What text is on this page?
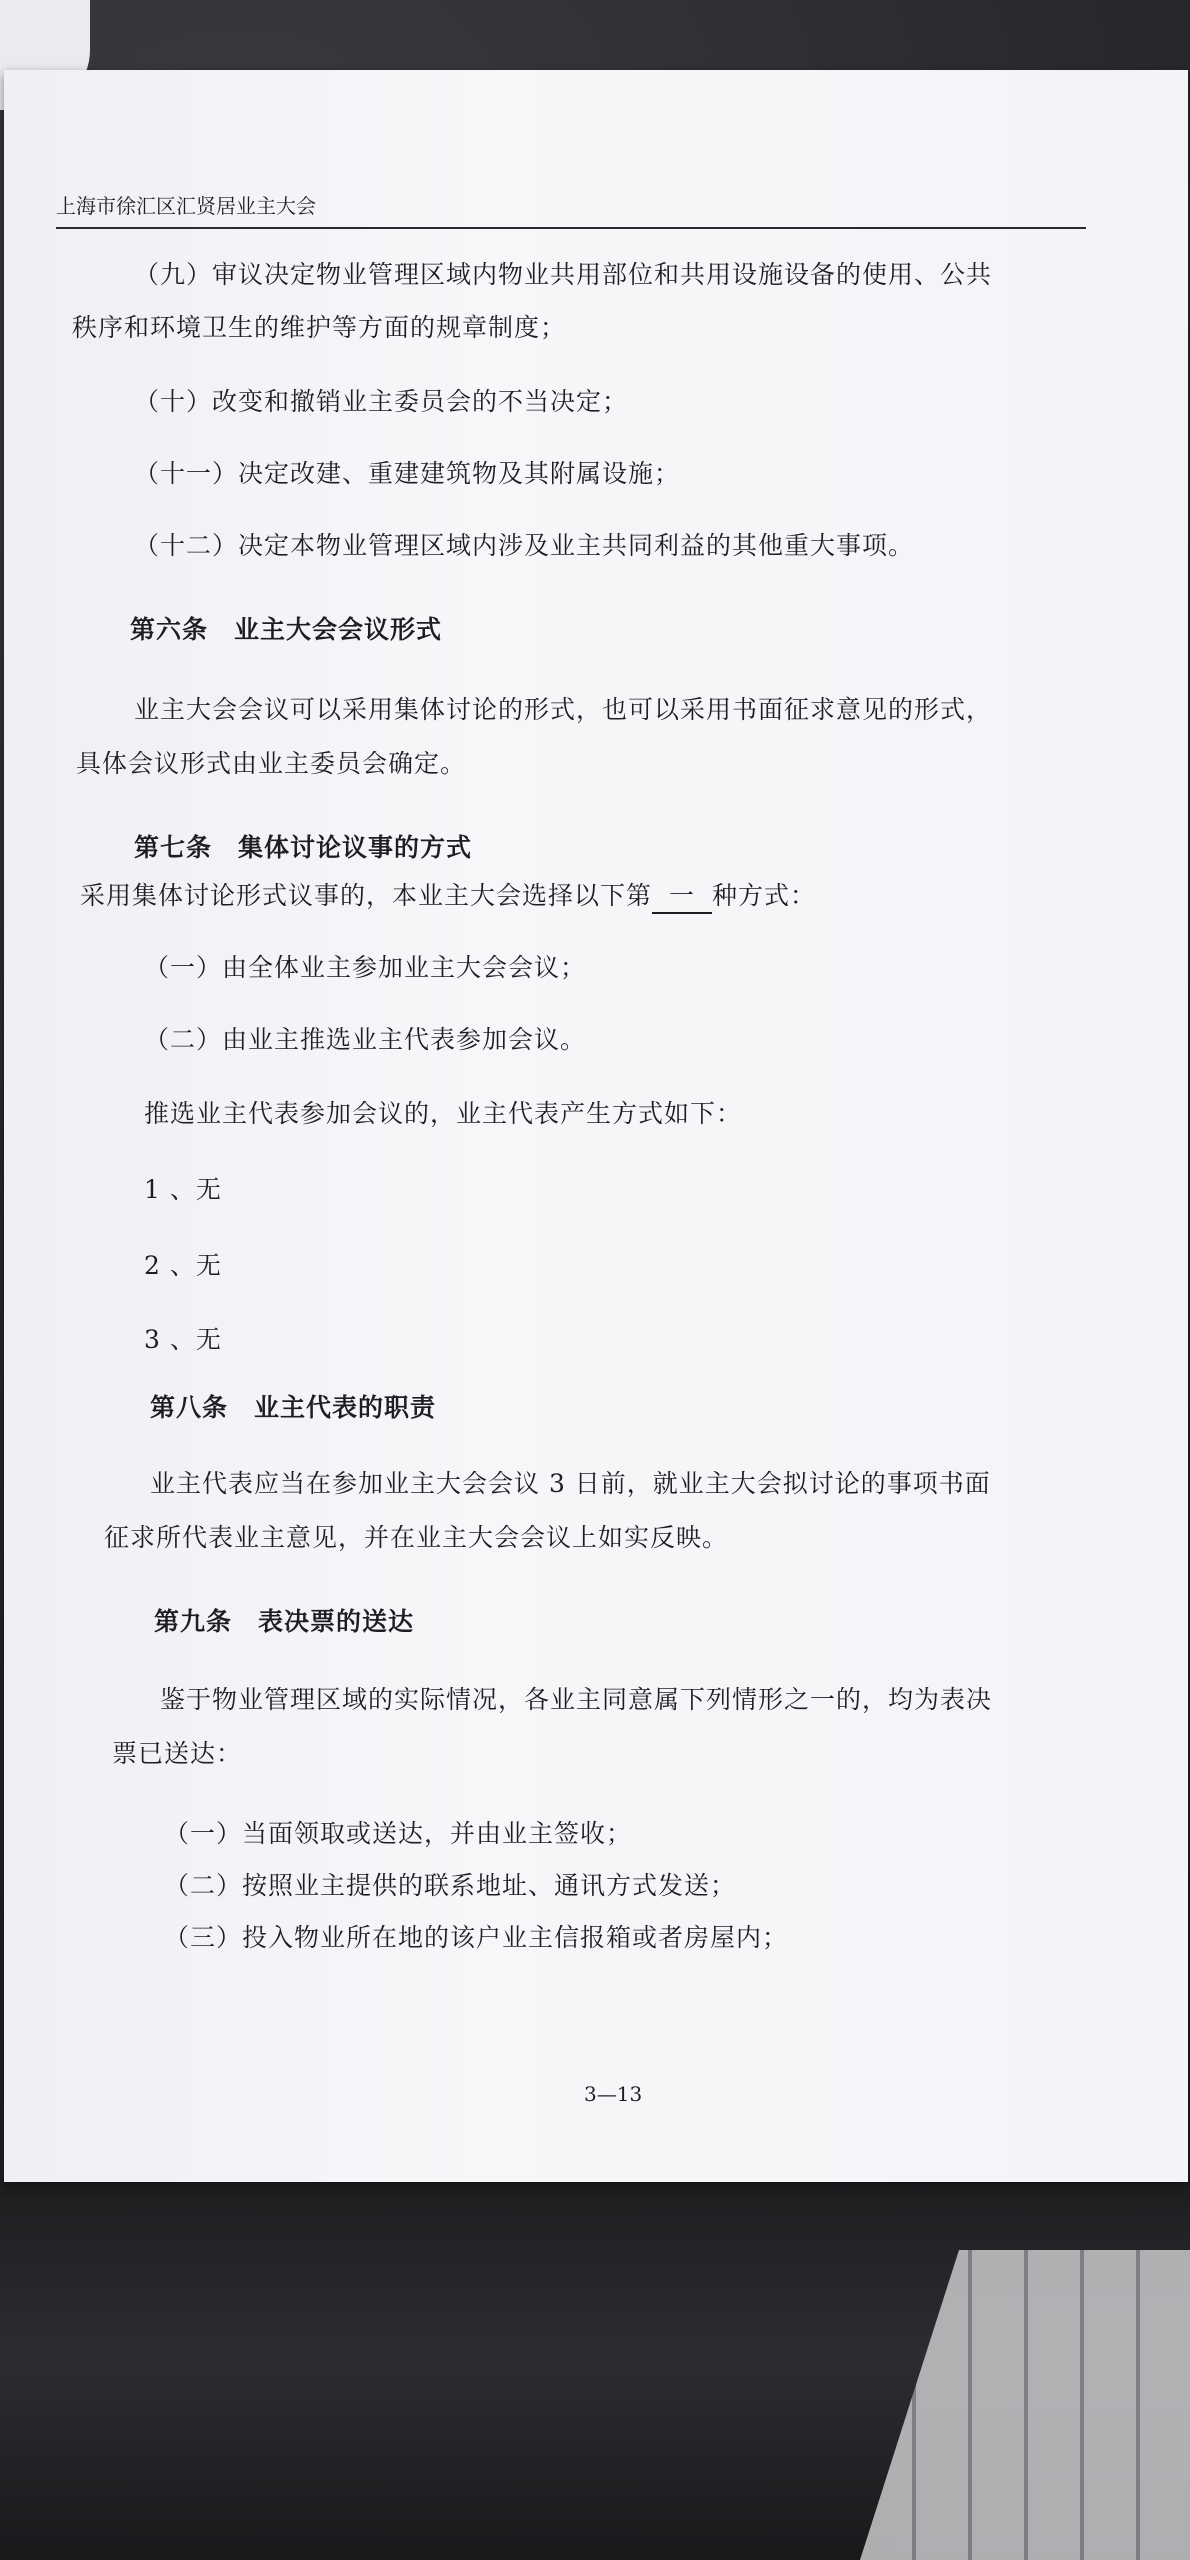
上海市徐汇区汇贤居业主大会
（九）审议决定物业管理区域内物业共用部位和共用设施设备的使用、公共
秩序和环境卫生的维护等方面的规章制度；
（十）改变和撤销业主委员会的不当决定；
（十一）决定改建、重建建筑物及其附属设施；
（十二）决定本物业管理区域内涉及业主共同利益的其他重大事项。
第六条　业主大会会议形式
业主大会会议可以采用集体讨论的形式，也可以采用书面征求意见的形式，
具体会议形式由业主委员会确定。
第七条　集体讨论议事的方式
采用集体讨论形式议事的，本业主大会选择以下第 一 种方式：
（一）由全体业主参加业主大会会议；
（二）由业主推选业主代表参加会议。
推选业主代表参加会议的，业主代表产生方式如下：
1 、无
2 、无
3 、无
第八条　业主代表的职责
业主代表应当在参加业主大会会议 3 日前，就业主大会拟讨论的事项书面
征求所代表业主意见，并在业主大会会议上如实反映。
第九条　表决票的送达
鉴于物业管理区域的实际情况，各业主同意属下列情形之一的，均为表决
票已送达：
（一）当面领取或送达，并由业主签收；
（二）按照业主提供的联系地址、通讯方式发送；
（三）投入物业所在地的该户业主信报箱或者房屋内；
3—13
